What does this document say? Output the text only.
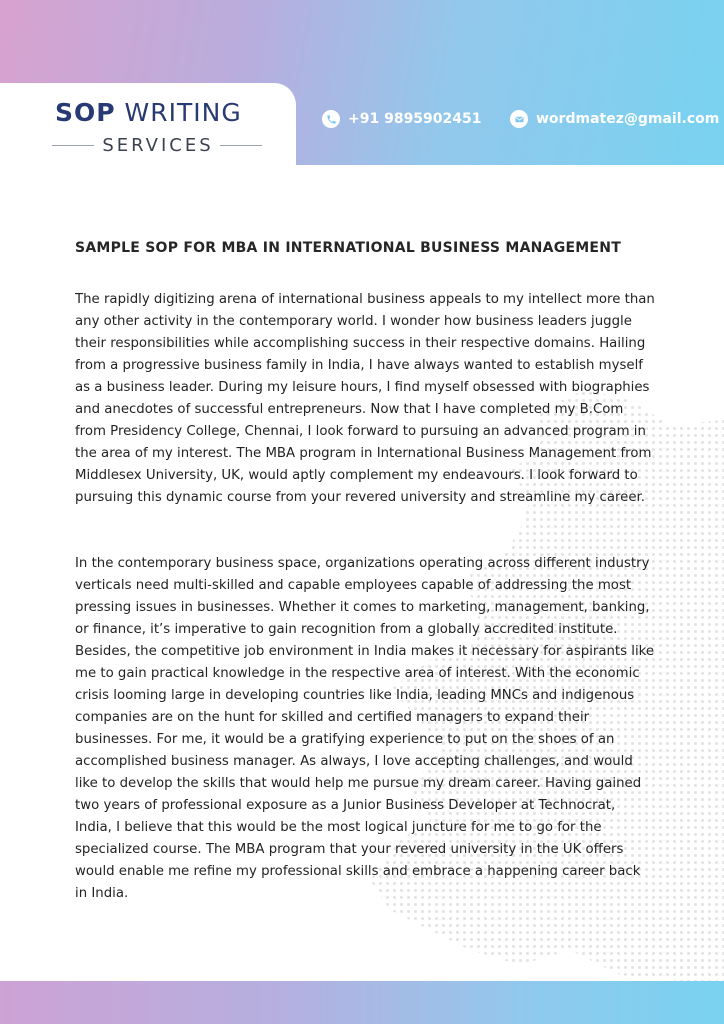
SOP WRITING
SERVICES
+91 9895902451	wordmatez@gmail.com
SAMPLE SOP FOR MBA IN INTERNATIONAL BUSINESS MANAGEMENT

The rapidly digitizing arena of international business appeals to my intellect more than any other activity in the contemporary world. I wonder how business leaders juggle their responsibilities while accomplishing success in their respective domains. Hailing from a progressive business family in India, I have always wanted to establish myself as a business leader. During my leisure hours, I find myself obsessed with biographies and anecdotes of successful entrepreneurs. Now that I have completed my B.Com from Presidency College, Chennai, I look forward to pursuing an advanced program in the area of my interest. The MBA program in International Business Management from Middlesex University, UK, would aptly complement my endeavours. I look forward to pursuing this dynamic course from your revered university and streamline my career.

In the contemporary business space, organizations operating across different industry verticals need multi-skilled and capable employees capable of addressing the most pressing issues in businesses. Whether it comes to marketing, management, banking, or finance, it’s imperative to gain recognition from a globally accredited institute. Besides, the competitive job environment in India makes it necessary for aspirants like me to gain practical knowledge in the respective area of interest. With the economic crisis looming large in developing countries like India, leading MNCs and indigenous companies are on the hunt for skilled and certified managers to expand their businesses. For me, it would be a gratifying experience to put on the shoes of an accomplished business manager. As always, I love accepting challenges, and would like to develop the skills that would help me pursue my dream career. Having gained two years of professional exposure as a Junior Business Developer at Technocrat, India, I believe that this would be the most logical juncture for me to go for the specialized course. The MBA program that your revered university in the UK offers would enable me refine my professional skills and embrace a happening career back in India.
